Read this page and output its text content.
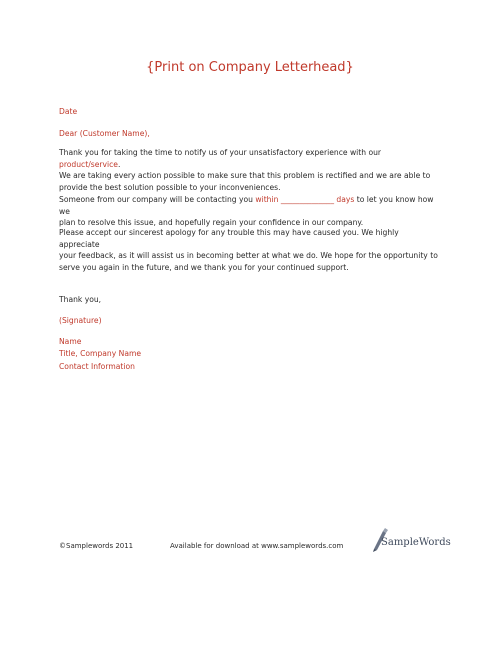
{Print on Company Letterhead}
Date
Dear (Customer Name),
Thank you for taking the time to notify us of your unsatisfactory experience with our product/service.
We are taking every action possible to make sure that this problem is rectified and we are able to
provide the best solution possible to your inconveniences.
Someone from our company will be contacting you within ______________ days to let you know how we
plan to resolve this issue, and hopefully regain your confidence in our company.
Please accept our sincerest apology for any trouble this may have caused you. We highly appreciate
your feedback, as it will assist us in becoming better at what we do. We hope for the opportunity to
serve you again in the future, and we thank you for your continued support.
Thank you,
(Signature)
Name
Title, Company Name
Contact Information
©Samplewords 2011	Available for download at www.samplewords.com	SampleWords
